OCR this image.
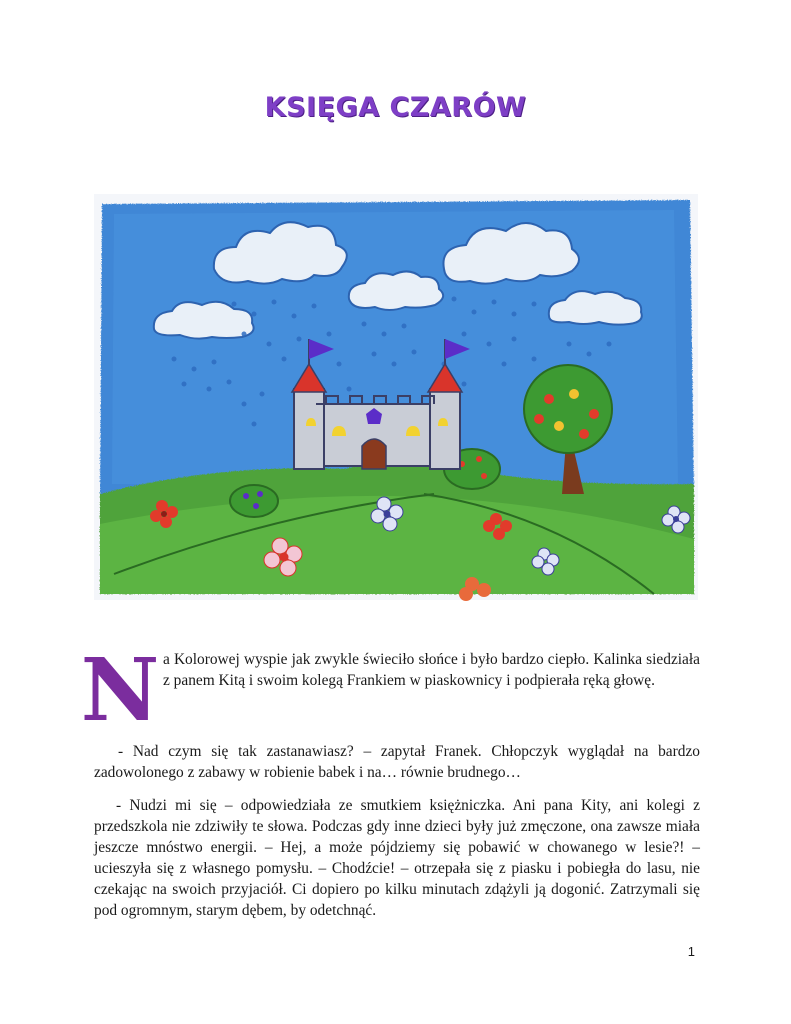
KSIĘGA CZARÓW
N a Kolorowej wyspie jak zwykle świeciło słońce i było bardzo ciepło. Kalinka siedziała z panem Kitą i swoim kolegą Frankiem w piaskownicy i podpierała ręką głowę.

- Nad czym się tak zastanawiasz? – zapytał Franek. Chłopczyk wyglądał na bardzo zadowolonego z zabawy w robienie babek i na… równie brudnego…

- Nudzi mi się – odpowiedziała ze smutkiem księżniczka. Ani pana Kity, ani kolegi z przedszkola nie zdziwiły te słowa. Podczas gdy inne dzieci były już zmęczone, ona zawsze miała jeszcze mnóstwo energii. – Hej, a może pójdziemy się pobawić w chowanego w lesie?! – ucieszyła się z własnego pomysłu. – Chodźcie! – otrzepała się z piasku i pobiegła do lasu, nie czekając na swoich przyjaciół. Ci dopiero po kilku minutach zdążyli ją dogonić. Zatrzymali się pod ogromnym, starym dębem, by odetchnąć.

1
